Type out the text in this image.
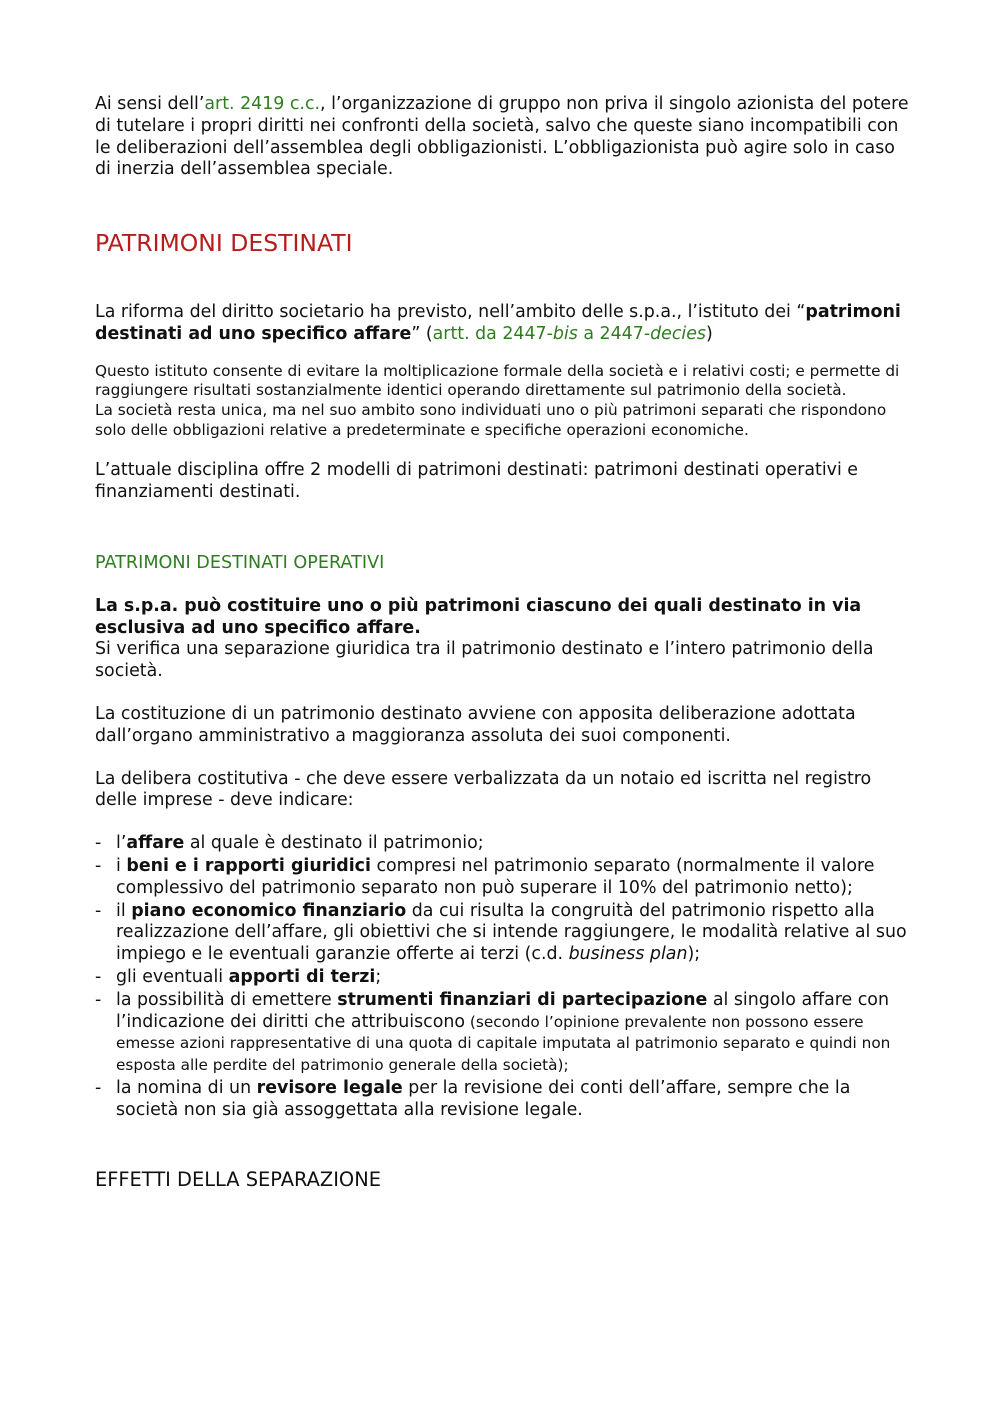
Ai sensi dell’art. 2419 c.c., l’organizzazione di gruppo non priva il singolo azionista del potere di tutelare i propri diritti nei confronti della società, salvo che queste siano incompatibili con le deliberazioni dell’assemblea degli obbligazionisti. L’obbligazionista può agire solo in caso di inerzia dell’assemblea speciale.

PATRIMONI DESTINATI

La riforma del diritto societario ha previsto, nell’ambito delle s.p.a., l’istituto dei “patrimoni destinati ad uno specifico affare” (artt. da 2447-bis a 2447-decies)

Questo istituto consente di evitare la moltiplicazione formale della società e i relativi costi; e permette di raggiungere risultati sostanzialmente identici operando direttamente sul patrimonio della società.

La società resta unica, ma nel suo ambito sono individuati uno o più patrimoni separati che rispondono solo delle obbligazioni relative a predeterminate e specifiche operazioni economiche.

L’attuale disciplina offre 2 modelli di patrimoni destinati: patrimoni destinati operativi e finanziamenti destinati.

PATRIMONI DESTINATI OPERATIVI

La s.p.a. può costituire uno o più patrimoni ciascuno dei quali destinato in via esclusiva ad uno specifico affare.

Si verifica una separazione giuridica tra il patrimonio destinato e l’intero patrimonio della società.

La costituzione di un patrimonio destinato avviene con apposita deliberazione adottata dall’organo amministrativo a maggioranza assoluta dei suoi componenti.

La delibera costitutiva - che deve essere verbalizzata da un notaio ed iscritta nel registro delle imprese - deve indicare:

- l’affare al quale è destinato il patrimonio;
- i beni e i rapporti giuridici compresi nel patrimonio separato (normalmente il valore complessivo del patrimonio separato non può superare il 10% del patrimonio netto);
- il piano economico finanziario da cui risulta la congruità del patrimonio rispetto alla realizzazione dell’affare, gli obiettivi che si intende raggiungere, le modalità relative al suo impiego e le eventuali garanzie offerte ai terzi (c.d. business plan);
- gli eventuali apporti di terzi;
- la possibilità di emettere strumenti finanziari di partecipazione al singolo affare con l’indicazione dei diritti che attribuiscono (secondo l’opinione prevalente non possono essere emesse azioni rappresentative di una quota di capitale imputata al patrimonio separato e quindi non esposta alle perdite del patrimonio generale della società);
- la nomina di un revisore legale per la revisione dei conti dell’affare, sempre che la società non sia già assoggettata alla revisione legale.
EFFETTI DELLA SEPARAZIONE
